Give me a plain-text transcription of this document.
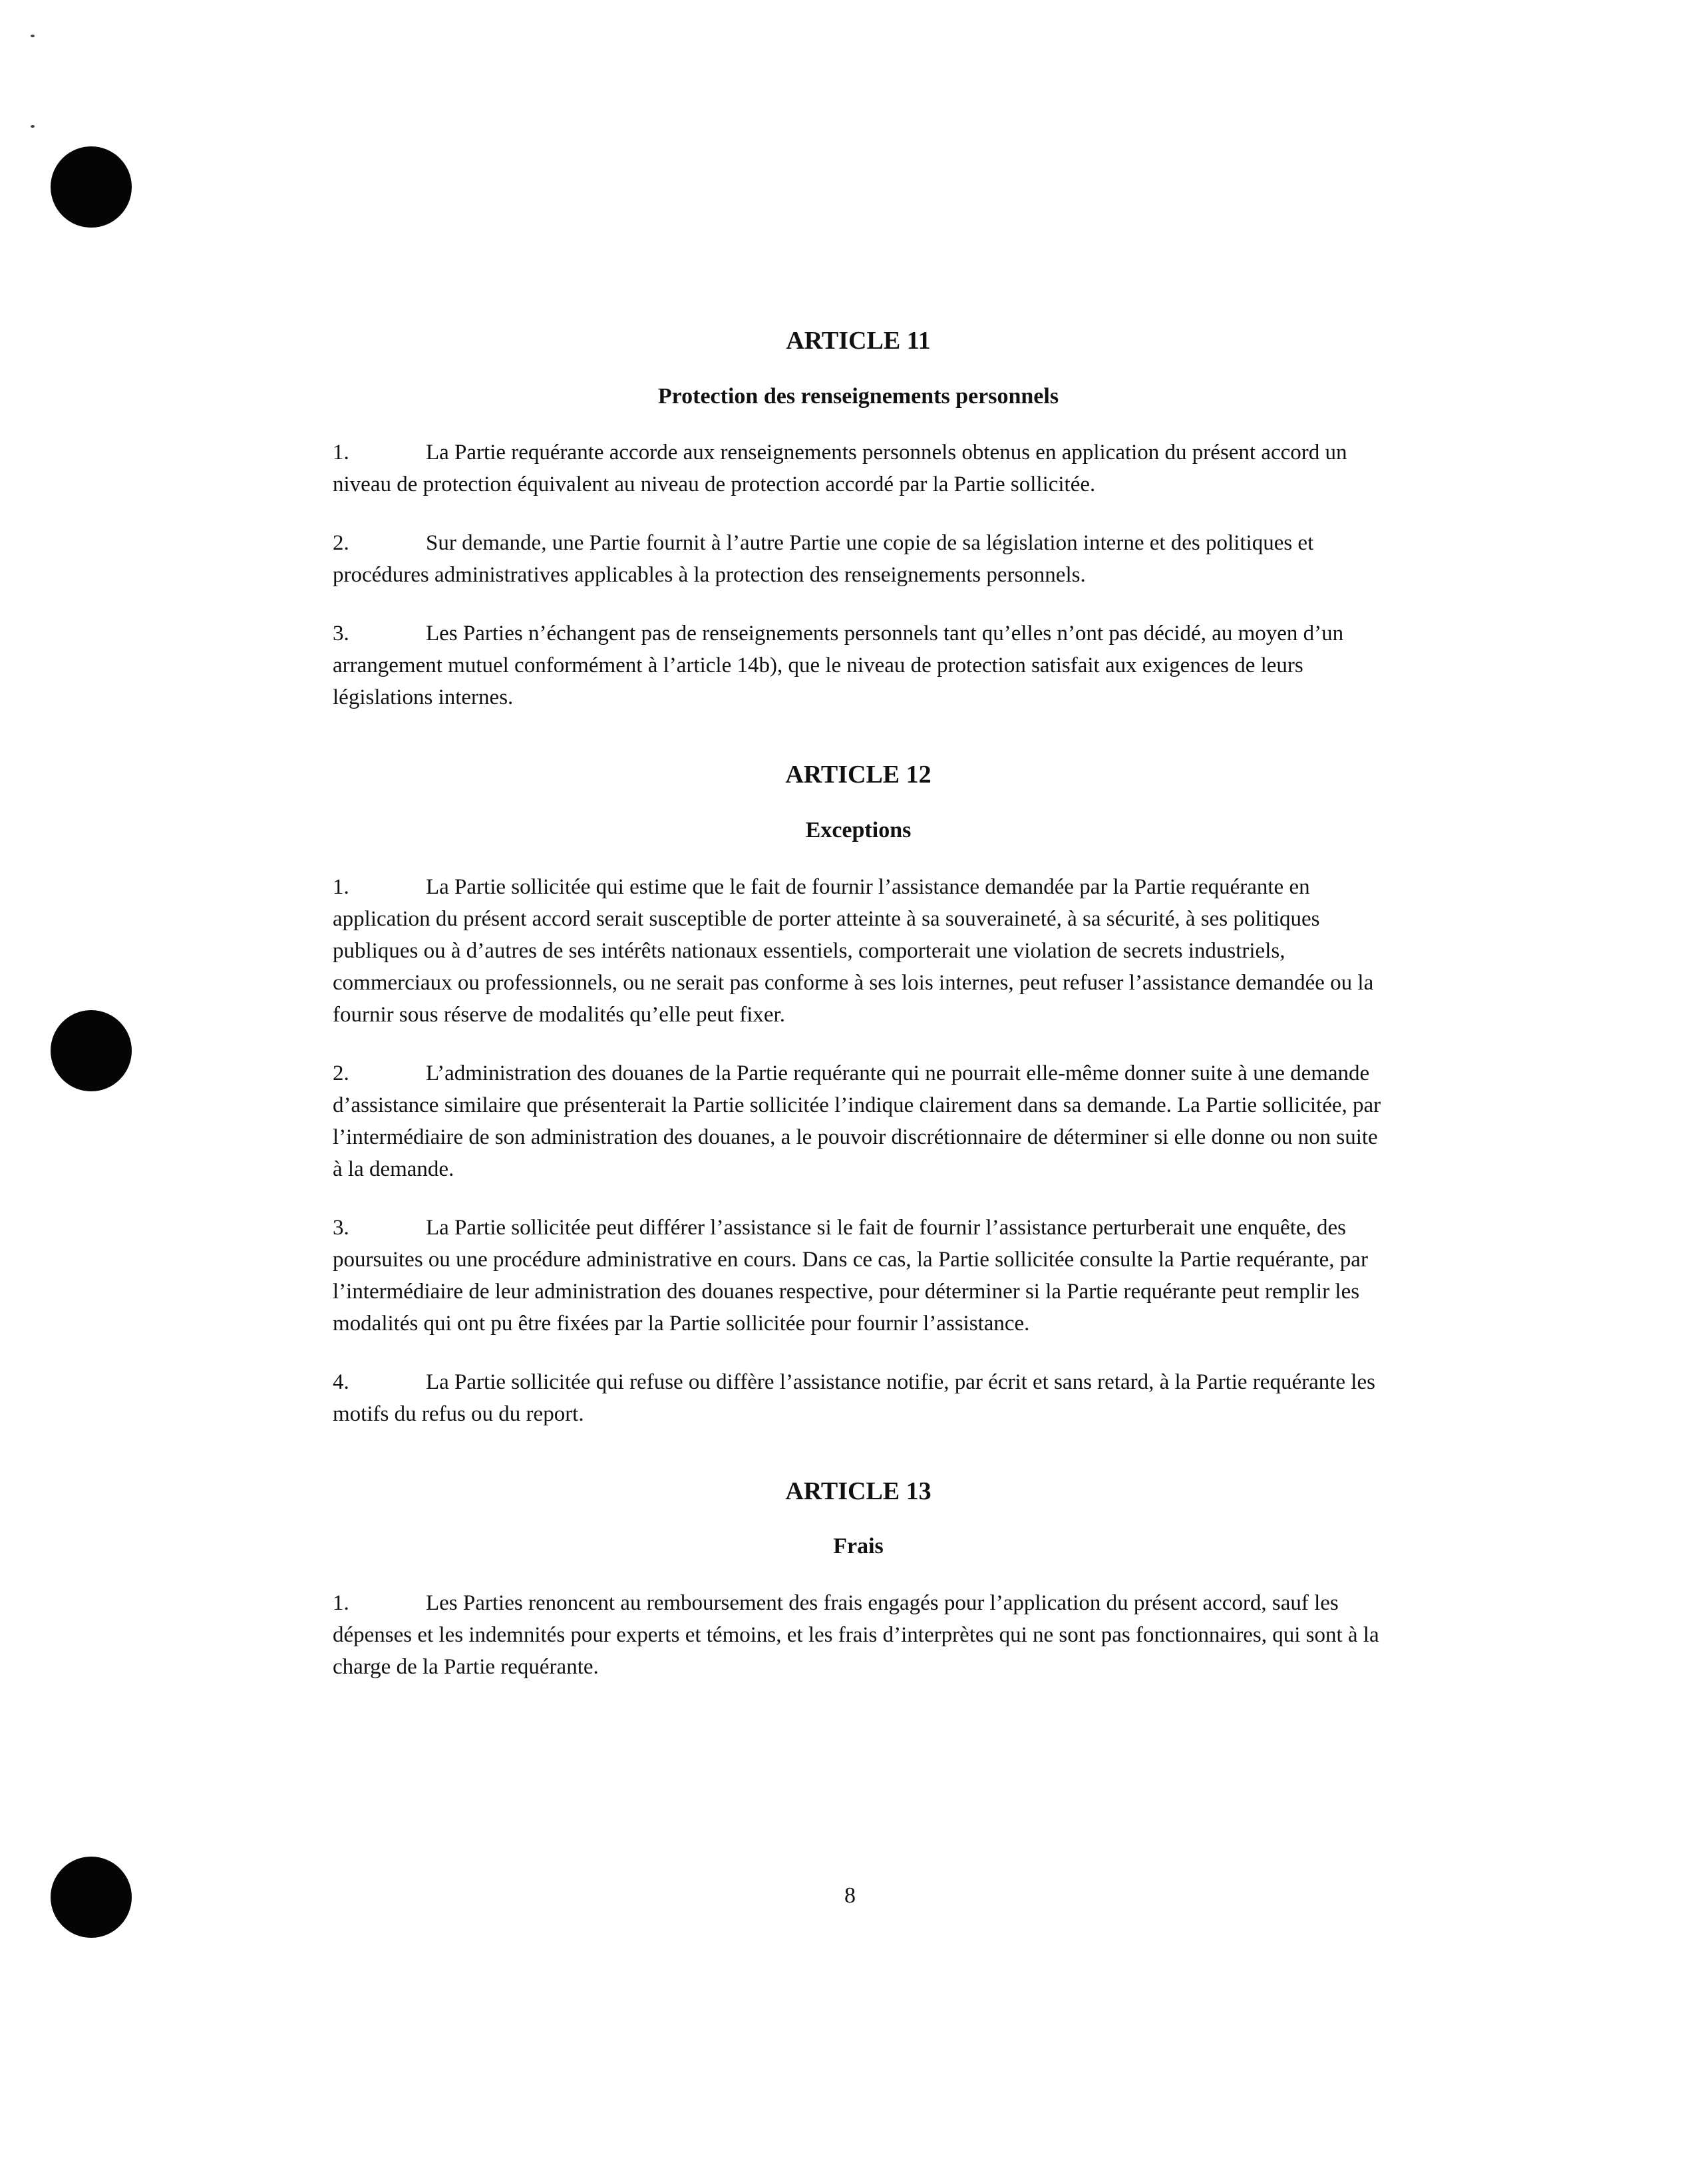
ARTICLE 11
Protection des renseignements personnels

1.	La Partie requérante accorde aux renseignements personnels obtenus en application du présent accord un niveau de protection équivalent au niveau de protection accordé par la Partie sollicitée.

2.	Sur demande, une Partie fournit à l’autre Partie une copie de sa législation interne et des politiques et procédures administratives applicables à la protection des renseignements personnels.

3.	Les Parties n’échangent pas de renseignements personnels tant qu’elles n’ont pas décidé, au moyen d’un arrangement mutuel conformément à l’article 14b), que le niveau de protection satisfait aux exigences de leurs législations internes.

ARTICLE 12
Exceptions

1.	La Partie sollicitée qui estime que le fait de fournir l’assistance demandée par la Partie requérante en application du présent accord serait susceptible de porter atteinte à sa souveraineté, à sa sécurité, à ses politiques publiques ou à d’autres de ses intérêts nationaux essentiels, comporterait une violation de secrets industriels, commerciaux ou professionnels, ou ne serait pas conforme à ses lois internes, peut refuser l’assistance demandée ou la fournir sous réserve de modalités qu’elle peut fixer.

2.	L’administration des douanes de la Partie requérante qui ne pourrait elle-même donner suite à une demande d’assistance similaire que présenterait la Partie sollicitée l’indique clairement dans sa demande. La Partie sollicitée, par l’intermédiaire de son administration des douanes, a le pouvoir discrétionnaire de déterminer si elle donne ou non suite à la demande.

3.	La Partie sollicitée peut différer l’assistance si le fait de fournir l’assistance perturberait une enquête, des poursuites ou une procédure administrative en cours. Dans ce cas, la Partie sollicitée consulte la Partie requérante, par l’intermédiaire de leur administration des douanes respective, pour déterminer si la Partie requérante peut remplir les modalités qui ont pu être fixées par la Partie sollicitée pour fournir l’assistance.

4.	La Partie sollicitée qui refuse ou diffère l’assistance notifie, par écrit et sans retard, à la Partie requérante les motifs du refus ou du report.

ARTICLE 13
Frais

1.	Les Parties renoncent au remboursement des frais engagés pour l’application du présent accord, sauf les dépenses et les indemnités pour experts et témoins, et les frais d’interprètes qui ne sont pas fonctionnaires, qui sont à la charge de la Partie requérante.

8
